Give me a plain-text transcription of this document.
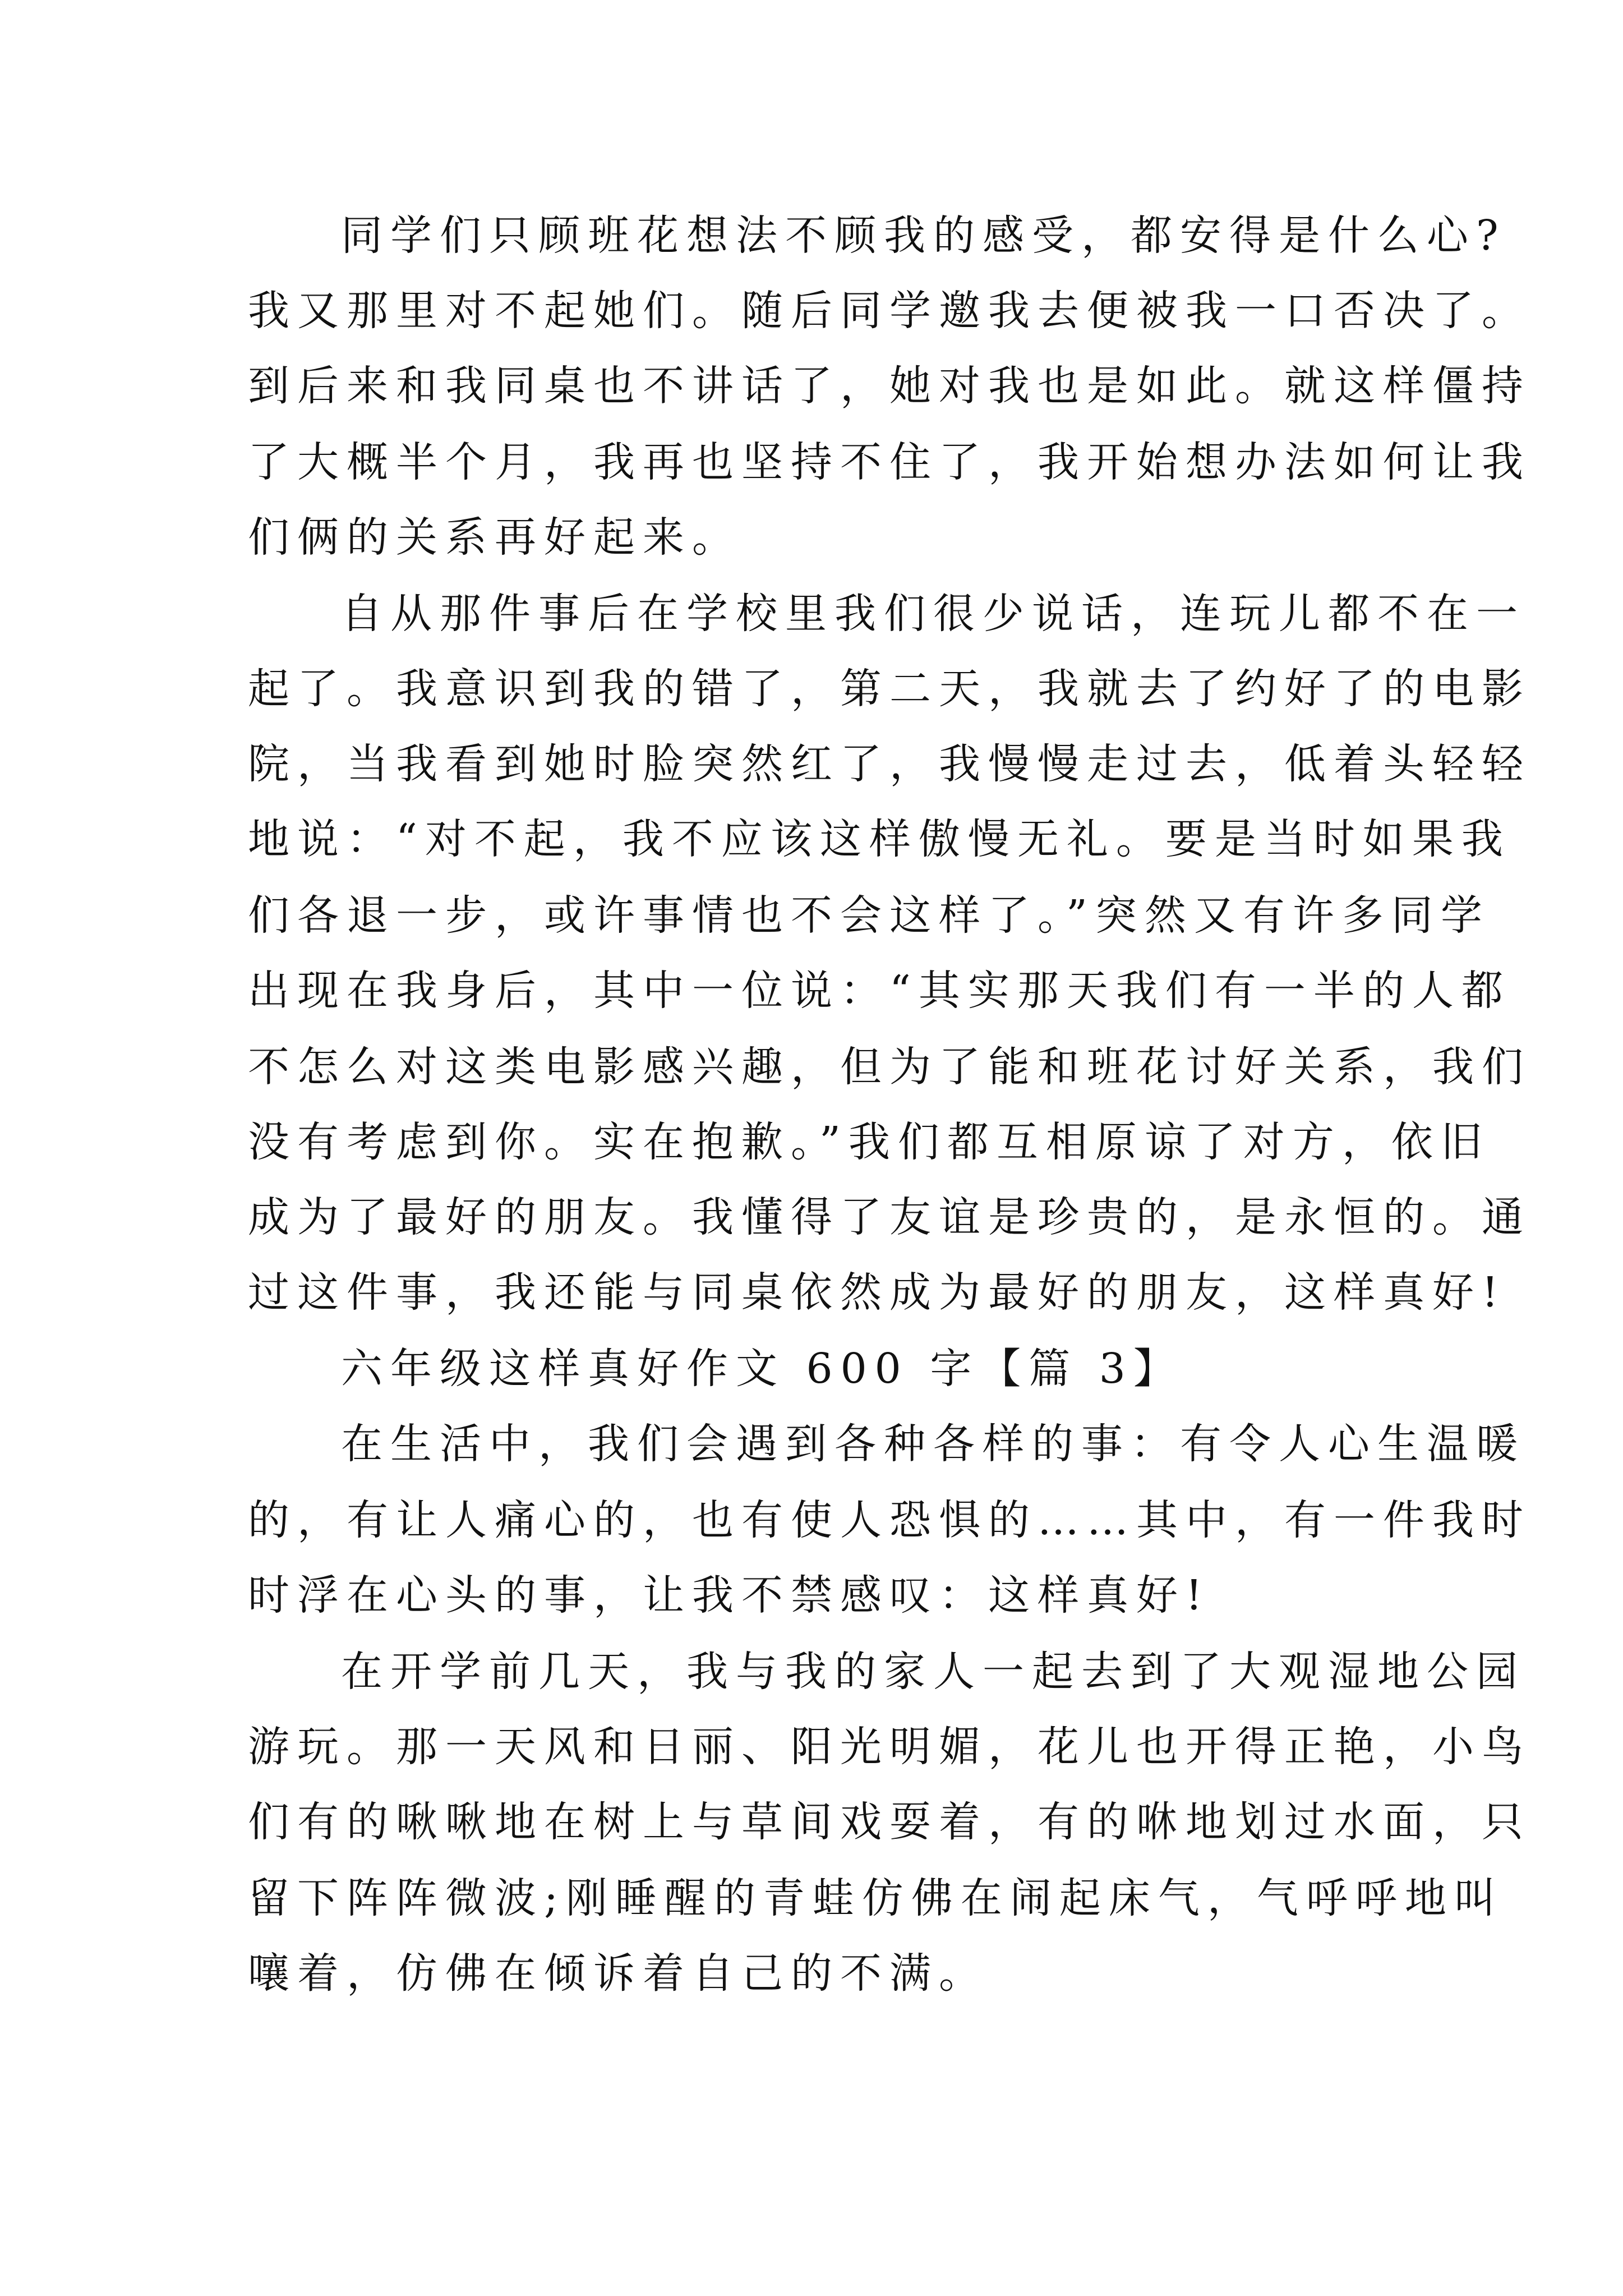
同学们只顾班花想法不顾我的感受，都安得是什么心?
我又那里对不起她们。随后同学邀我去便被我一口否决了。
到后来和我同桌也不讲话了，她对我也是如此。就这样僵持
了大概半个月，我再也坚持不住了，我开始想办法如何让我
们俩的关系再好起来。
自从那件事后在学校里我们很少说话，连玩儿都不在一
起了。我意识到我的错了，第二天，我就去了约好了的电影
院，当我看到她时脸突然红了，我慢慢走过去，低着头轻轻
地说：“对不起，我不应该这样傲慢无礼。要是当时如果我
们各退一步，或许事情也不会这样了。”突然又有许多同学
出现在我身后，其中一位说：“其实那天我们有一半的人都
不怎么对这类电影感兴趣，但为了能和班花讨好关系，我们
没有考虑到你。实在抱歉。”我们都互相原谅了对方，依旧
成为了最好的朋友。我懂得了友谊是珍贵的，是永恒的。通
过这件事，我还能与同桌依然成为最好的朋友，这样真好!
六年级这样真好作文 600 字【篇 3】
在生活中，我们会遇到各种各样的事：有令人心生温暖
的，有让人痛心的，也有使人恐惧的……其中，有一件我时
时浮在心头的事，让我不禁感叹：这样真好!
在开学前几天，我与我的家人一起去到了大观湿地公园
游玩。那一天风和日丽、阳光明媚，花儿也开得正艳，小鸟
们有的啾啾地在树上与草间戏耍着，有的咻地划过水面，只
留下阵阵微波;刚睡醒的青蛙仿佛在闹起床气，气呼呼地叫
嚷着，仿佛在倾诉着自己的不满。
